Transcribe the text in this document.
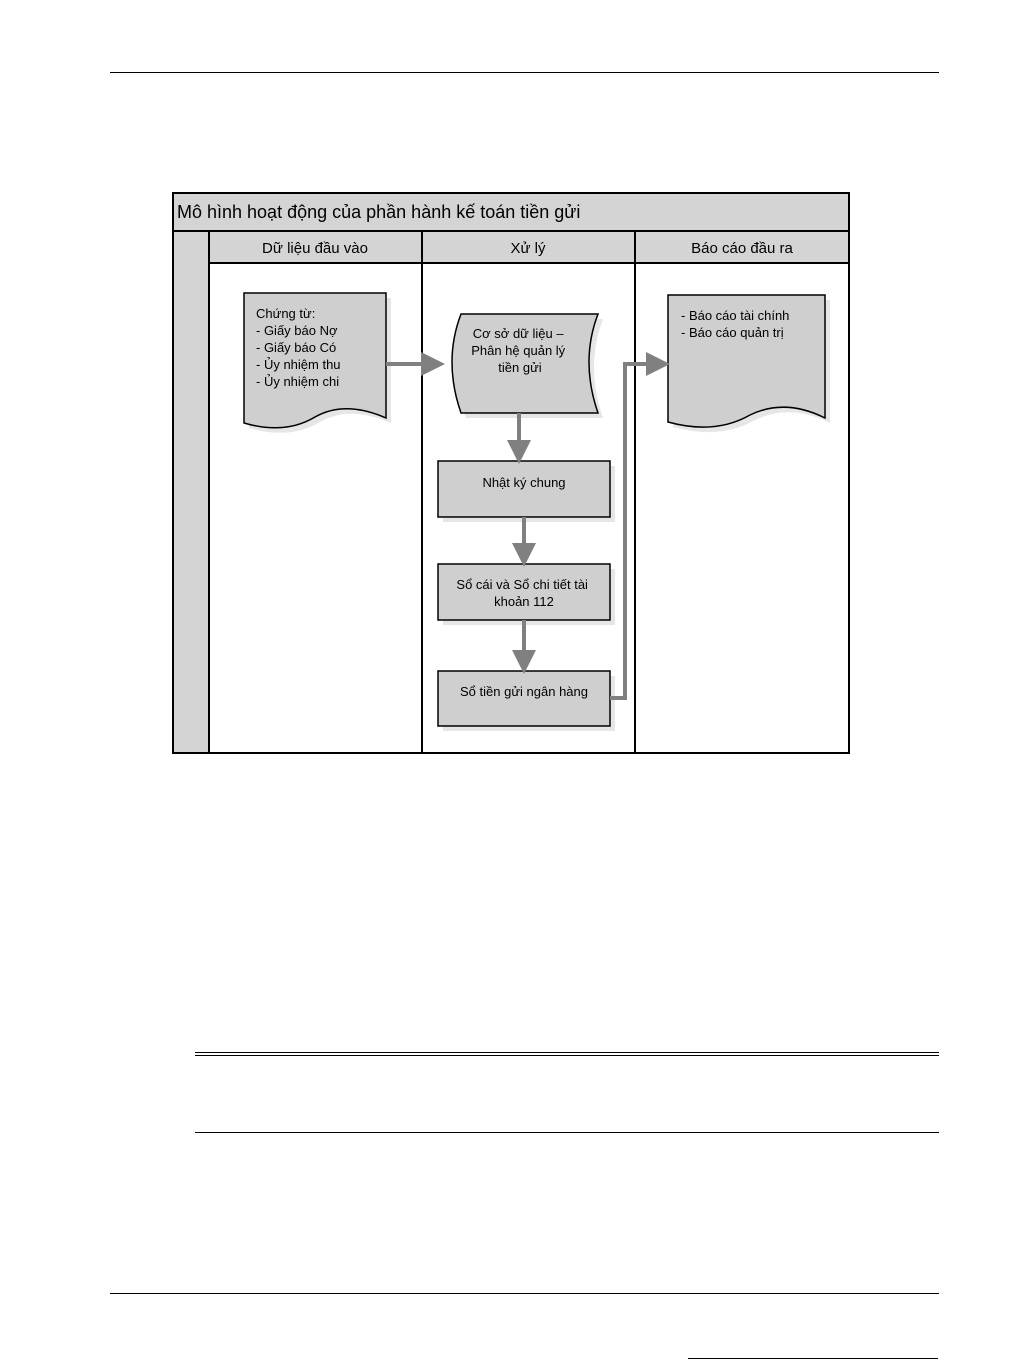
Mô hình hoạt động của phần hành kế toán tiền gửi
Dữ liệu đầu vào	Xử lý	Báo cáo đầu ra
Chứng từ: - Giấy báo Nợ - Giấy báo Có - Ủy nhiệm thu - Ủy nhiệm chi
Cơ sở dữ liệu – Phân hệ quản lý tiền gửi
Nhật ký chung
Sổ cái và Sổ chi tiết tài khoản 112
Sổ tiền gửi ngân hàng
- Báo cáo tài chính - Báo cáo quản trị
